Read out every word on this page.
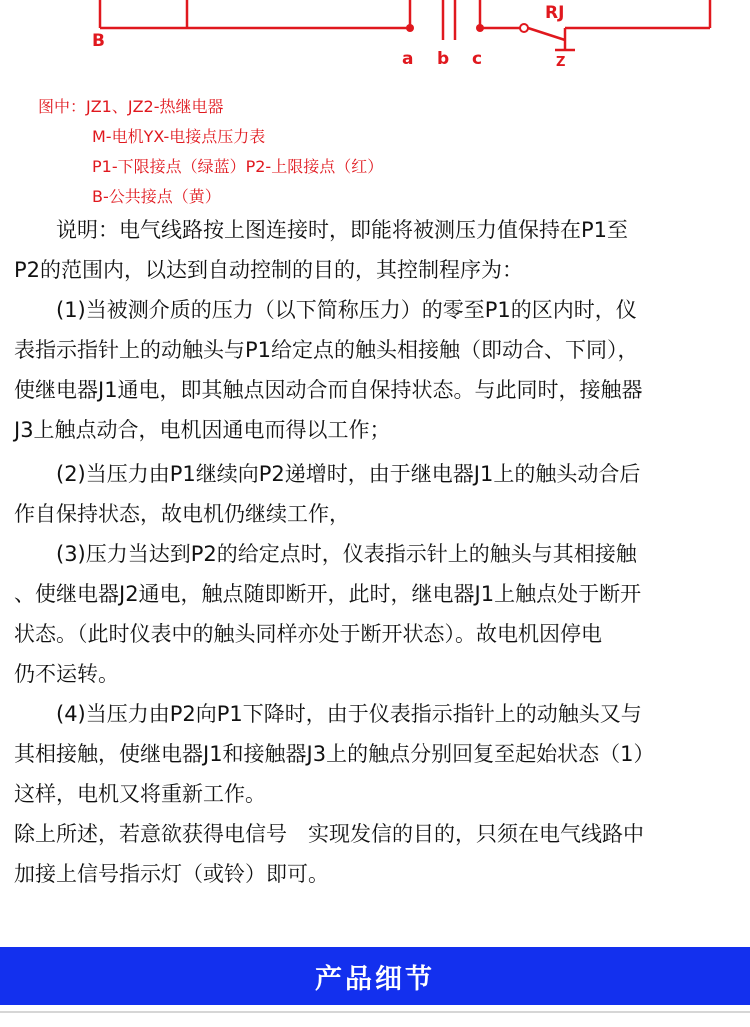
B
a b c
RJ
Z
图中：JZ1、JZ2-热继电器
M-电机YX-电接点压力表
P1-下限接点（绿蓝）P2-上限接点（红）
B-公共接点（黄）

　　说明：电气线路按上图连接时，即能将被测压力值保持在P1至

P2的范围内，以达到自动控制的目的，其控制程序为：

　　(1)当被测介质的压力（以下简称压力）的零至P1的区内时，仪

表指示指针上的动触头与P1给定点的触头相接触（即动合、下同），

使继电器J1通电，即其触点因动合而自保持状态。与此同时，接触器

J3上触点动合，电机因通电而得以工作；

　　(2)当压力由P1继续向P2递增时，由于继电器J1上的触头动合后

作自保持状态，故电机仍继续工作，

　　(3)压力当达到P2的给定点时，仪表指示针上的触头与其相接触

、使继电器J2通电，触点随即断开，此时，继电器J1上触点处于断开

状态。（此时仪表中的触头同样亦处于断开状态）。故电机因停电

仍不运转。

　　(4)当压力由P2向P1下降时，由于仪表指示指针上的动触头又与

其相接触，使继电器J1和接触器J3上的触点分别回复至起始状态（1）

这样，电机又将重新工作。

除上所述，若意欲获得电信号　实现发信的目的，只须在电气线路中

加接上信号指示灯（或铃）即可。

产品细节
